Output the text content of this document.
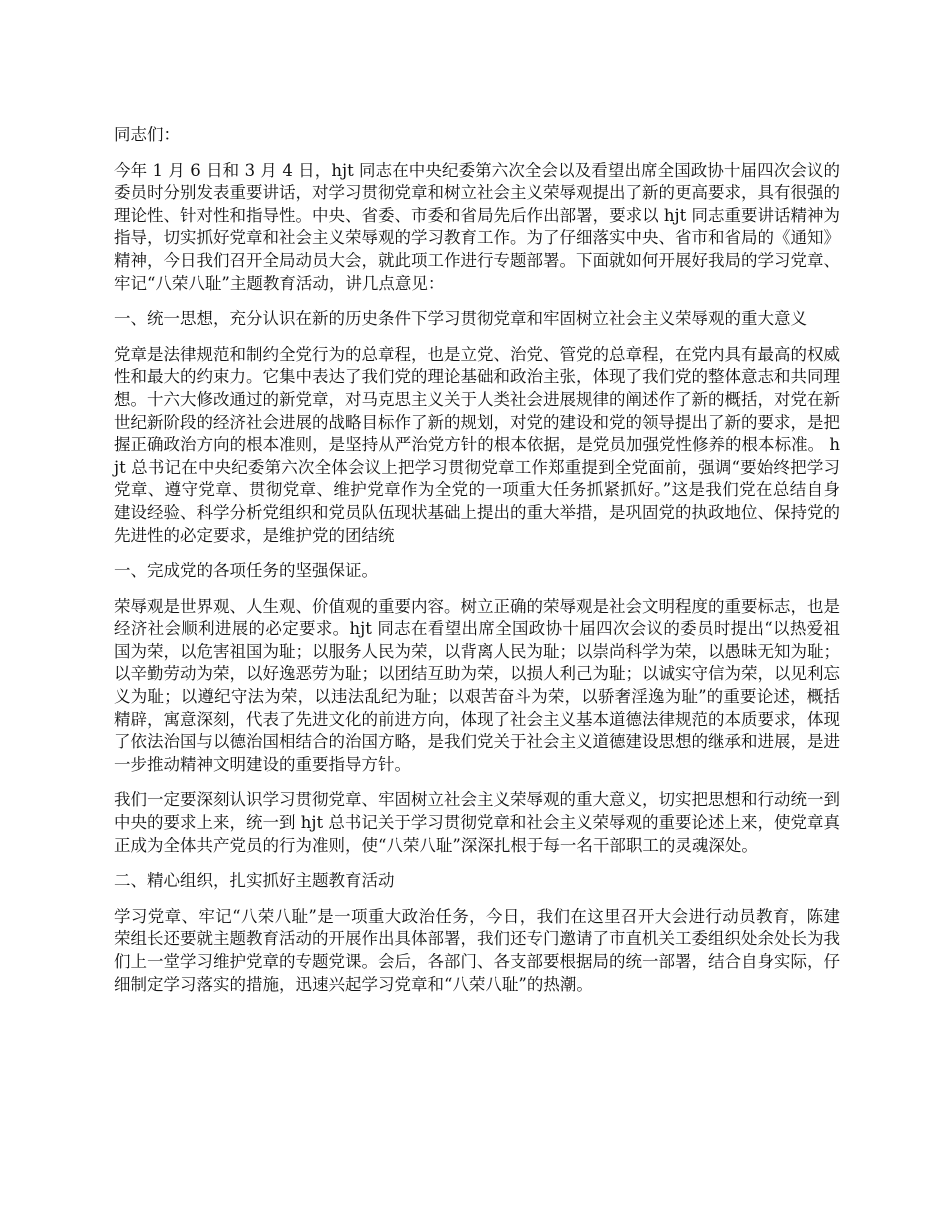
同志们：

今年 1 月 6 日和 3 月 4 日，hjt 同志在中央纪委第六次全会以及看望出席全国政协十届四次会议的委员时分别发表重要讲话，对学习贯彻党章和树立社会主义荣辱观提出了新的更高要求，具有很强的理论性、针对性和指导性。中央、省委、市委和省局先后作出部署，要求以 hjt 同志重要讲话精神为指导，切实抓好党章和社会主义荣辱观的学习教育工作。为了仔细落实中央、省市和省局的《通知》精神，今日我们召开全局动员大会，就此项工作进行专题部署。下面就如何开展好我局的学习党章、牢记“八荣八耻”主题教育活动，讲几点意见：

一、统一思想，充分认识在新的历史条件下学习贯彻党章和牢固树立社会主义荣辱观的重大意义

党章是法律规范和制约全党行为的总章程，也是立党、治党、管党的总章程，在党内具有最高的权威性和最大的约束力。它集中表达了我们党的理论基础和政治主张，体现了我们党的整体意志和共同理想。十六大修改通过的新党章，对马克思主义关于人类社会进展规律的阐述作了新的概括，对党在新世纪新阶段的经济社会进展的战略目标作了新的规划，对党的建设和党的领导提出了新的要求，是把握正确政治方向的根本准则，是坚持从严治党方针的根本依据，是党员加强党性修养的根本标准。 hjt 总书记在中央纪委第六次全体会议上把学习贯彻党章工作郑重提到全党面前，强调“要始终把学习党章、遵守党章、贯彻党章、维护党章作为全党的一项重大任务抓紧抓好。”这是我们党在总结自身建设经验、科学分析党组织和党员队伍现状基础上提出的重大举措，是巩固党的执政地位、保持党的先进性的必定要求，是维护党的团结统

一、完成党的各项任务的坚强保证。

荣辱观是世界观、人生观、价值观的重要内容。树立正确的荣辱观是社会文明程度的重要标志，也是经济社会顺利进展的必定要求。hjt 同志在看望出席全国政协十届四次会议的委员时提出“以热爱祖国为荣，以危害祖国为耻；以服务人民为荣，以背离人民为耻；以崇尚科学为荣，以愚昧无知为耻；以辛勤劳动为荣，以好逸恶劳为耻；以团结互助为荣，以损人利己为耻；以诚实守信为荣，以见利忘义为耻；以遵纪守法为荣，以违法乱纪为耻；以艰苦奋斗为荣，以骄奢淫逸为耻”的重要论述，概括精辟，寓意深刻，代表了先进文化的前进方向，体现了社会主义基本道德法律规范的本质要求，体现了依法治国与以德治国相结合的治国方略，是我们党关于社会主义道德建设思想的继承和进展，是进一步推动精神文明建设的重要指导方针。

我们一定要深刻认识学习贯彻党章、牢固树立社会主义荣辱观的重大意义，切实把思想和行动统一到中央的要求上来，统一到 hjt 总书记关于学习贯彻党章和社会主义荣辱观的重要论述上来，使党章真正成为全体共产党员的行为准则，使“八荣八耻”深深扎根于每一名干部职工的灵魂深处。

二、精心组织，扎实抓好主题教育活动

学习党章、牢记“八荣八耻”是一项重大政治任务，今日，我们在这里召开大会进行动员教育，陈建荣组长还要就主题教育活动的开展作出具体部署，我们还专门邀请了市直机关工委组织处余处长为我们上一堂学习维护党章的专题党课。会后，各部门、各支部要根据局的统一部署，结合自身实际，仔细制定学习落实的措施，迅速兴起学习党章和“八荣八耻”的热潮。
